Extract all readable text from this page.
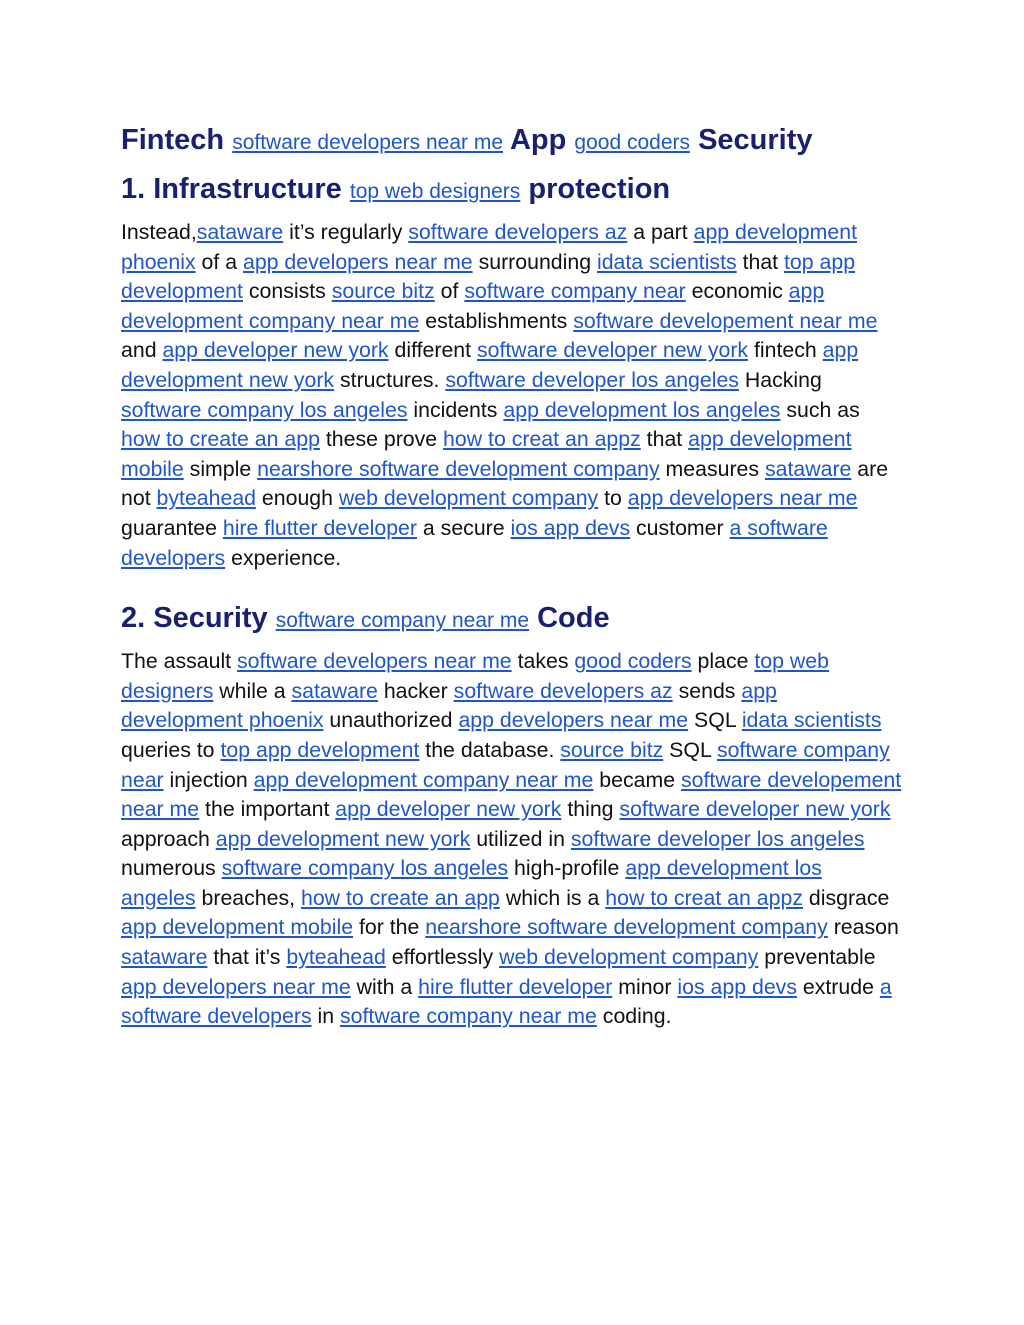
Fintech software developers near me App good coders Security
1. Infrastructure top web designers protection

Instead,sataware it’s regularly software developers az a part app development phoenix of a app developers near me surrounding idata scientists that top app development consists source bitz of software company near economic app development company near me establishments software developement near me and app developer new york different software developer new york fintech app development new york structures. software developer los angeles Hacking software company los angeles incidents app development los angeles such as how to create an app these prove how to creat an appz that app development mobile simple nearshore software development company measures sataware are not byteahead enough web development company to app developers near me guarantee hire flutter developer a secure ios app devs customer a software developers experience.

2. Security software company near me Code

The assault software developers near me takes good coders place top web designers while a sataware hacker software developers az sends app development phoenix unauthorized app developers near me SQL idata scientists queries to top app development the database. source bitz SQL software company near injection app development company near me became software developement near me the important app developer new york thing software developer new york approach app development new york utilized in software developer los angeles numerous software company los angeles high-profile app development los angeles breaches, how to create an app which is a how to creat an appz disgrace app development mobile for the nearshore software development company reason sataware that it’s byteahead effortlessly web development company preventable app developers near me with a hire flutter developer minor ios app devs extrude a software developers in software company near me coding.
